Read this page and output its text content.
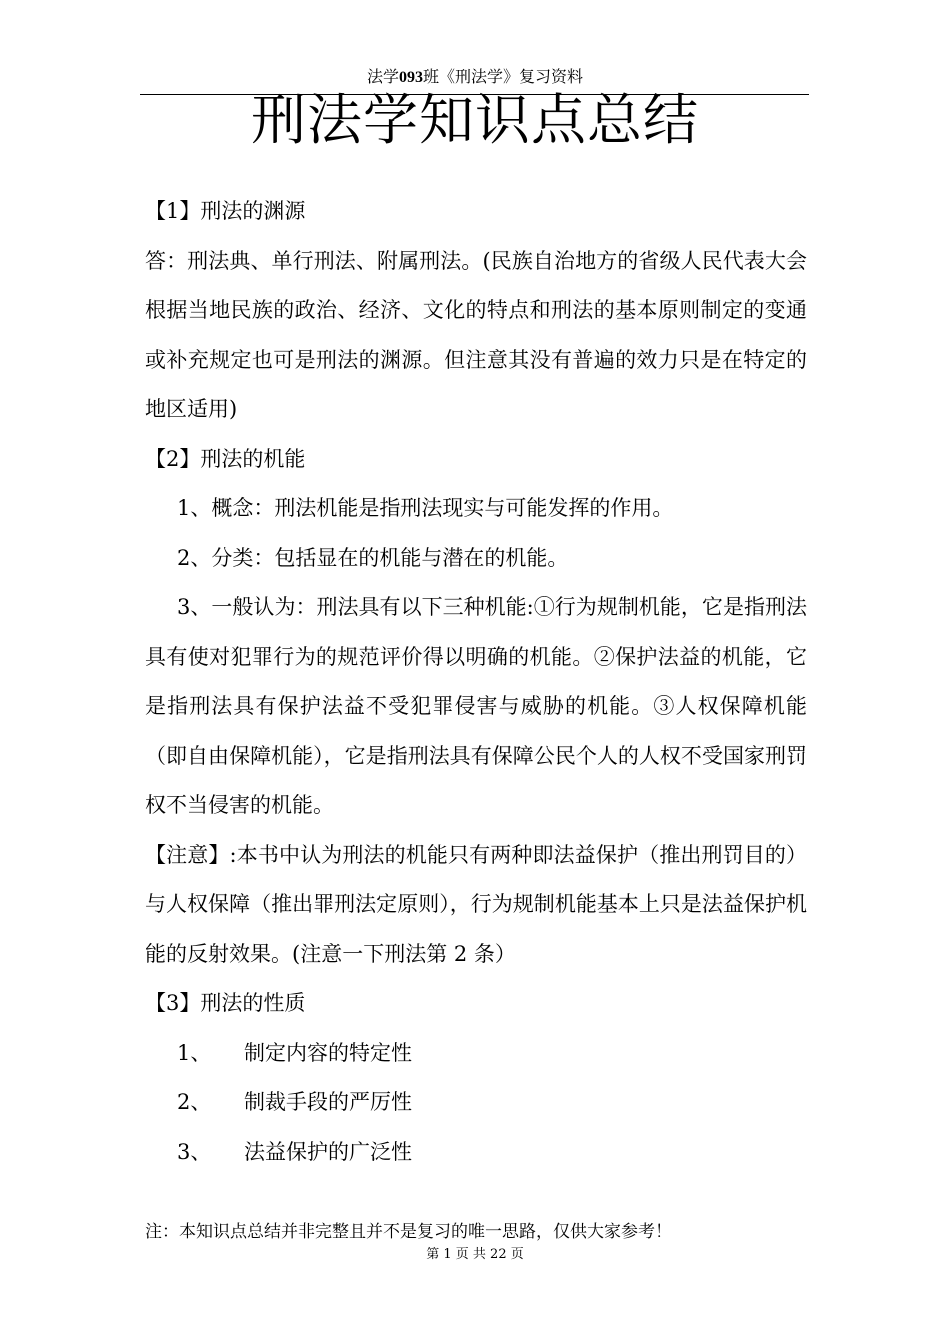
法学093班《刑法学》复习资料
刑法学知识点总结

【1】刑法的渊源

答：刑法典、单行刑法、附属刑法。(民族自治地方的省级人民代表大会根据当地民族的政治、经济、文化的特点和刑法的基本原则制定的变通或补充规定也可是刑法的渊源。但注意其没有普遍的效力只是在特定的地区适用)

【2】刑法的机能

1、概念：刑法机能是指刑法现实与可能发挥的作用。

2、分类：包括显在的机能与潜在的机能。

3、一般认为：刑法具有以下三种机能:①行为规制机能，它是指刑法具有使对犯罪行为的规范评价得以明确的机能。②保护法益的机能，它是指刑法具有保护法益不受犯罪侵害与威胁的机能。③人权保障机能（即自由保障机能），它是指刑法具有保障公民个人的人权不受国家刑罚权不当侵害的机能。

【注意】:本书中认为刑法的机能只有两种即法益保护（推出刑罚目的）与人权保障（推出罪刑法定原则），行为规制机能基本上只是法益保护机能的反射效果。(注意一下刑法第 2 条）

【3】刑法的性质

1、 制定内容的特定性

2、 制裁手段的严厉性

3、 法益保护的广泛性

注：本知识点总结并非完整且并不是复习的唯一思路，仅供大家参考！
第 1 页 共 22 页
